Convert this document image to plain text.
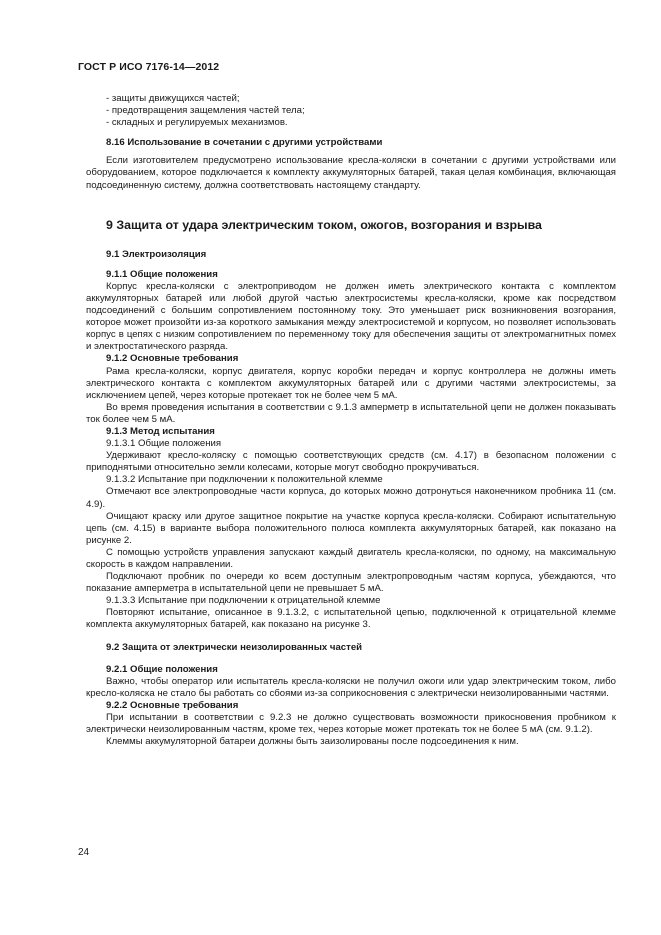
ГОСТ Р ИСО 7176-14—2012

- защиты движущихся частей;

- предотвращения защемления частей тела;

- складных и регулируемых механизмов.

8.16 Использование в сочетании с другими устройствами

Если изготовителем предусмотрено использование кресла-коляски в сочетании с другими устройствами или оборудованием, которое подключается к комплекту аккумуляторных батарей, такая целая комбинация, включающая подсоединенную систему, должна соответствовать настоящему стандарту.

9 Защита от удара электрическим током, ожогов, возгорания и взрыва

9.1 Электроизоляция

9.1.1 Общие положения

Корпус кресла-коляски с электроприводом не должен иметь электрического контакта с комплектом аккумуляторных батарей или любой другой частью электросистемы кресла-коляски, кроме как посредством подсоединений с большим сопротивлением постоянному току. Это уменьшает риск возникновения возгорания, которое может произойти из-за короткого замыкания между электросистемой и корпусом, но позволяет использовать корпус в цепях с низким сопротивлением по переменному току для обеспечения защиты от электромагнитных помех и электростатического разряда.

9.1.2 Основные требования

Рама кресла-коляски, корпус двигателя, корпус коробки передач и корпус контроллера не должны иметь электрического контакта с комплектом аккумуляторных батарей или с другими частями электросистемы, за исключением цепей, через которые протекает ток не более чем 5 мА.

Во время проведения испытания в соответствии с 9.1.3 амперметр в испытательной цепи не должен показывать ток более чем 5 мА.

9.1.3 Метод испытания

9.1.3.1 Общие положения

Удерживают кресло-коляску с помощью соответствующих средств (см. 4.17) в безопасном положении с приподнятыми относительно земли колесами, которые могут свободно прокручиваться.

9.1.3.2 Испытание при подключении к положительной клемме

Отмечают все электропроводные части корпуса, до которых можно дотронуться наконечником пробника 11 (см. 4.9).

Очищают краску или другое защитное покрытие на участке корпуса кресла-коляски. Собирают испытательную цепь (см. 4.15) в варианте выбора положительного полюса комплекта аккумуляторных батарей, как показано на рисунке 2.

С помощью устройств управления запускают каждый двигатель кресла-коляски, по одному, на максимальную скорость в каждом направлении.

Подключают пробник по очереди ко всем доступным электропроводным частям корпуса, убеждаются, что показание амперметра в испытательной цепи не превышает 5 мА.

9.1.3.3 Испытание при подключении к отрицательной клемме

Повторяют испытание, описанное в 9.1.3.2, с испытательной цепью, подключенной к отрицательной клемме комплекта аккумуляторных батарей, как показано на рисунке 3.

9.2 Защита от электрически неизолированных частей

9.2.1 Общие положения

Важно, чтобы оператор или испытатель кресла-коляски не получил ожоги или удар электрическим током, либо кресло-коляска не стало бы работать со сбоями из-за соприкосновения с электрически неизолированными частями.

9.2.2 Основные требования

При испытании в соответствии с 9.2.3 не должно существовать возможности прикосновения пробником к электрически неизолированным частям, кроме тех, через которые может протекать ток не более 5 мА (см. 9.1.2).

Клеммы аккумуляторной батареи должны быть заизолированы после подсоединения к ним.

24
